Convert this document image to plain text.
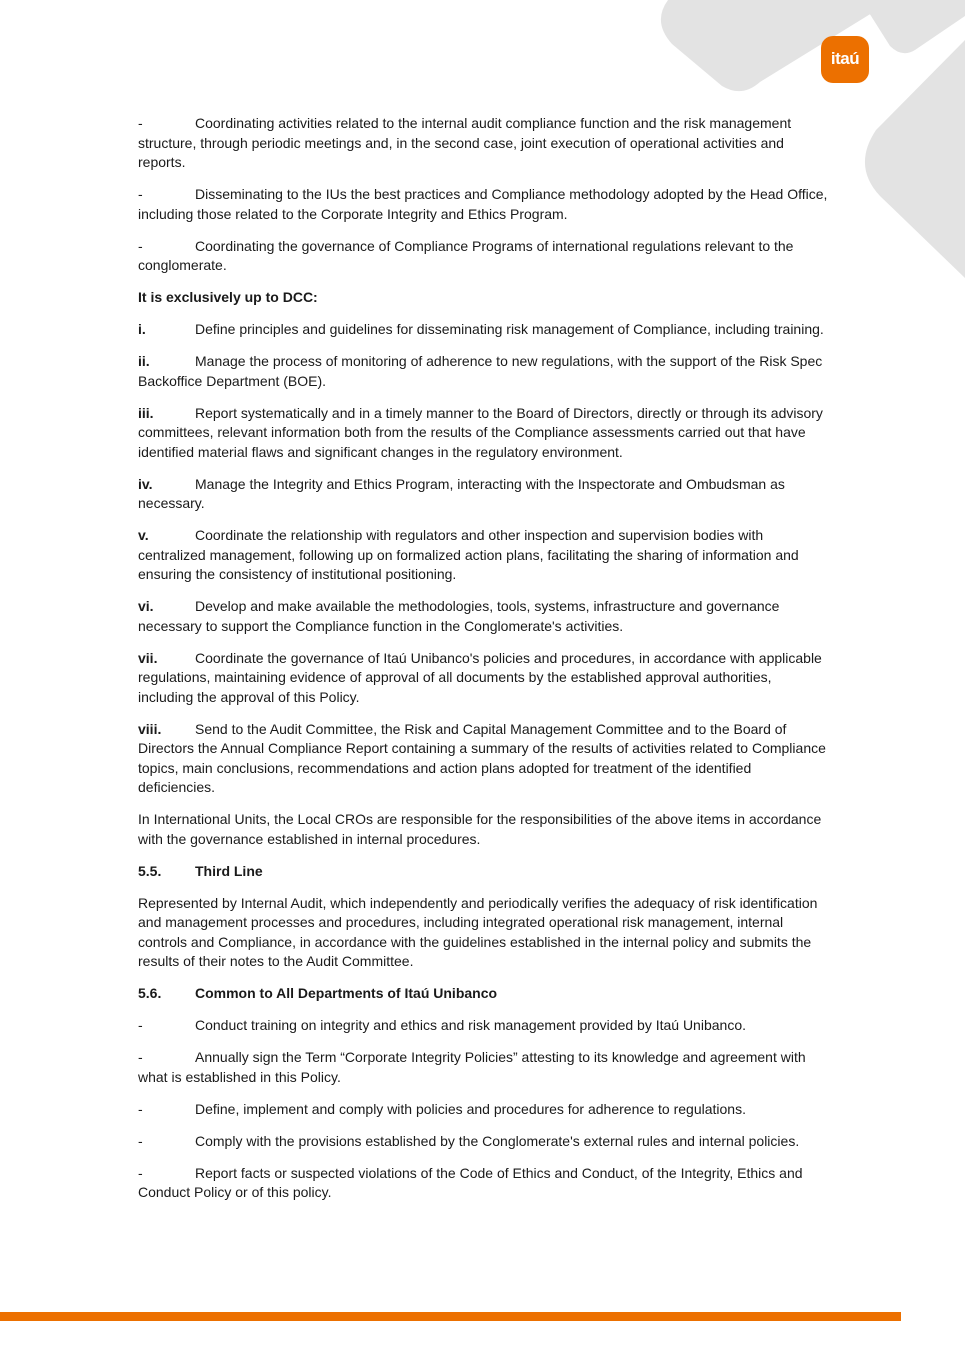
itaú

-	Coordinating activities related to the internal audit compliance function and the risk management structure, through periodic meetings and, in the second case, joint execution of operational activities and reports.

-	Disseminating to the IUs the best practices and Compliance methodology adopted by the Head Office, including those related to the Corporate Integrity and Ethics Program.

-	Coordinating the governance of Compliance Programs of international regulations relevant to the conglomerate.

It is exclusively up to DCC:

i.	Define principles and guidelines for disseminating risk management of Compliance, including training.

ii.	Manage the process of monitoring of adherence to new regulations, with the support of the Risk Spec Backoffice Department (BOE).

iii.	Report systematically and in a timely manner to the Board of Directors, directly or through its advisory committees, relevant information both from the results of the Compliance assessments carried out that have identified material flaws and significant changes in the regulatory environment.

iv.	Manage the Integrity and Ethics Program, interacting with the Inspectorate and Ombudsman as necessary.

v.	Coordinate the relationship with regulators and other inspection and supervision bodies with centralized management, following up on formalized action plans, facilitating the sharing of information and ensuring the consistency of institutional positioning.

vi.	Develop and make available the methodologies, tools, systems, infrastructure and governance necessary to support the Compliance function in the Conglomerate's activities.

vii.	Coordinate the governance of Itaú Unibanco's policies and procedures, in accordance with applicable regulations, maintaining evidence of approval of all documents by the established approval authorities, including the approval of this Policy.

viii. Send to the Audit Committee, the Risk and Capital Management Committee and to the Board of Directors the Annual Compliance Report containing a summary of the results of activities related to Compliance topics, main conclusions, recommendations and action plans adopted for treatment of the identified deficiencies.

In International Units, the Local CROs are responsible for the responsibilities of the above items in accordance with the governance established in internal procedures.

5.5. Third Line

Represented by Internal Audit, which independently and periodically verifies the adequacy of risk identification and management processes and procedures, including integrated operational risk management, internal controls and Compliance, in accordance with the guidelines established in the internal policy and submits the results of their notes to the Audit Committee.

5.6. Common to All Departments of Itaú Unibanco

-	Conduct training on integrity and ethics and risk management provided by Itaú Unibanco.

-	Annually sign the Term “Corporate Integrity Policies” attesting to its knowledge and agreement with what is established in this Policy.

-	Define, implement and comply with policies and procedures for adherence to regulations.

-	Comply with the provisions established by the Conglomerate's external rules and internal policies.

-	Report facts or suspected violations of the Code of Ethics and Conduct, of the Integrity, Ethics and Conduct Policy or of this policy.
